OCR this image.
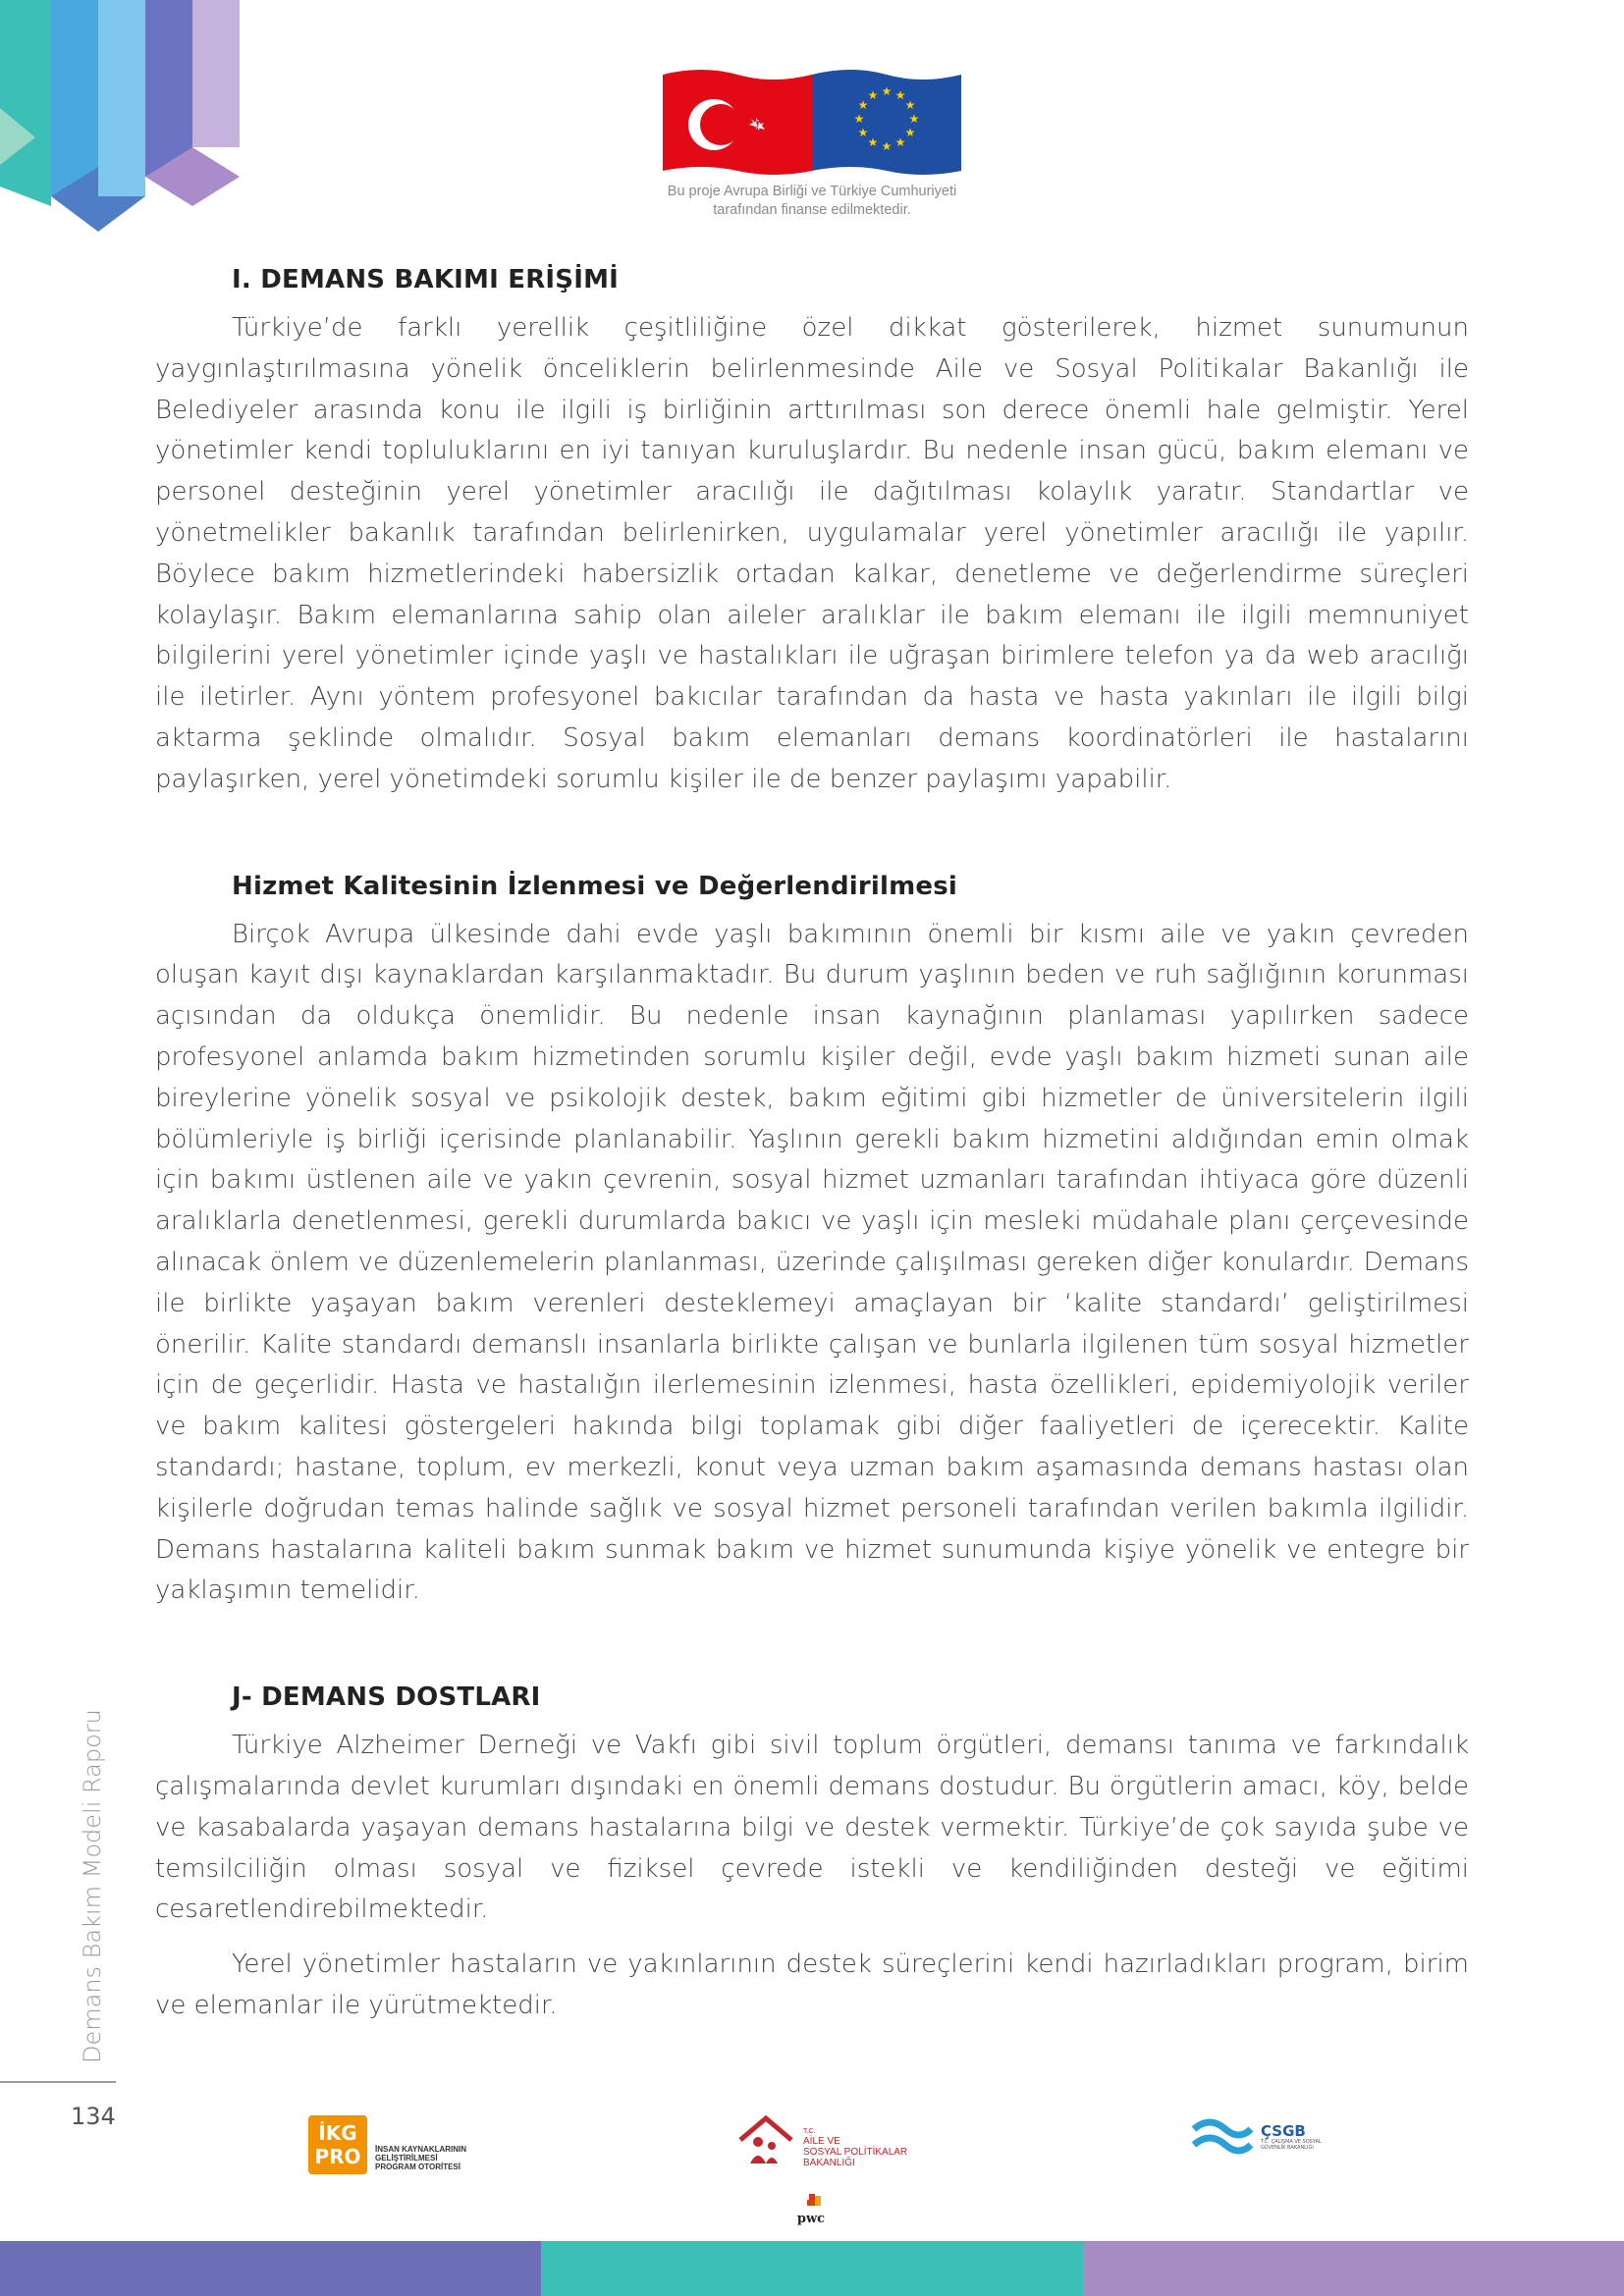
★ ★
★
★
★
★
★
★
★
★
★
★
Bu proje Avrupa Birliği ve Türkiye Cumhuriyeti
tarafından finanse edilmektedir.
I. DEMANS BAKIMI ERİŞİMİ

Türkiye’de farklı yerellik çeşitliliğine özel dikkat gösterilerek, hizmet sunumunun yaygınlaştırılmasına yönelik önceliklerin belirlenmesinde Aile ve Sosyal Politikalar Bakanlığı ile Belediyeler arasında konu ile ilgili iş birliğinin arttırılması son derece önemli hale gelmiştir. Yerel yönetimler kendi topluluklarını en iyi tanıyan kuruluşlardır. Bu nedenle insan gücü, bakım elemanı ve personel desteğinin yerel yönetimler aracılığı ile dağıtılması kolaylık yaratır. Standartlar ve yönetmelikler bakanlık tarafından belirlenirken, uygulamalar yerel yönetimler aracılığı ile yapılır. Böylece bakım hizmetlerindeki habersizlik ortadan kalkar, denetleme ve değerlendirme süreçleri kolaylaşır. Bakım elemanlarına sahip olan aileler aralıklar ile bakım elemanı ile ilgili memnuniyet bilgilerini yerel yönetimler içinde yaşlı ve hastalıkları ile uğraşan birimlere telefon ya da web aracılığı ile iletirler. Aynı yöntem profesyonel bakıcılar tarafından da hasta ve hasta yakınları ile ilgili bilgi aktarma şeklinde olmalıdır. Sosyal bakım elemanları demans koordinatörleri ile hastalarını paylaşırken, yerel yönetimdeki sorumlu kişiler ile de benzer paylaşımı yapabilir.

Hizmet Kalitesinin İzlenmesi ve Değerlendirilmesi

Birçok Avrupa ülkesinde dahi evde yaşlı bakımının önemli bir kısmı aile ve yakın çevreden oluşan kayıt dışı kaynaklardan karşılanmaktadır. Bu durum yaşlının beden ve ruh sağlığının korunması açısından da oldukça önemlidir. Bu nedenle insan kaynağının planlaması yapılırken sadece profesyonel anlamda bakım hizmetinden sorumlu kişiler değil, evde yaşlı bakım hizmeti sunan aile bireylerine yönelik sosyal ve psikolojik destek, bakım eğitimi gibi hizmetler de üniversitelerin ilgili bölümleriyle iş birliği içerisinde planlanabilir. Yaşlının gerekli bakım hizmetini aldığından emin olmak için bakımı üstlenen aile ve yakın çevrenin, sosyal hizmet uzmanları tarafından ihtiyaca göre düzenli aralıklarla denetlenmesi, gerekli durumlarda bakıcı ve yaşlı için mesleki müdahale planı çerçevesinde alınacak önlem ve düzenlemelerin planlanması, üzerinde çalışılması gereken diğer konulardır. Demans ile birlikte yaşayan bakım verenleri desteklemeyi amaçlayan bir ‘kalite standardı’ geliştirilmesi önerilir. Kalite standardı demanslı insanlarla birlikte çalışan ve bunlarla ilgilenen tüm sosyal hizmetler için de geçerlidir. Hasta ve hastalığın ilerlemesinin izlenmesi, hasta özellikleri, epidemiyolojik veriler ve bakım kalitesi göstergeleri hakında bilgi toplamak gibi diğer faaliyetleri de içerecektir. Kalite standardı; hastane, toplum, ev merkezli, konut veya uzman bakım aşamasında demans hastası olan kişilerle doğrudan temas halinde sağlık ve sosyal hizmet personeli tarafından verilen bakımla ilgilidir. Demans hastalarına kaliteli bakım sunmak bakım ve hizmet sunumunda kişiye yönelik ve entegre bir yaklaşımın temelidir.

J- DEMANS DOSTLARI

Türkiye Alzheimer Derneği ve Vakfı gibi sivil toplum örgütleri, demansı tanıma ve farkındalık çalışmalarında devlet kurumları dışındaki en önemli demans dostudur. Bu örgütlerin amacı, köy, belde ve kasabalarda yaşayan demans hastalarına bilgi ve destek vermektir. Türkiye’de çok sayıda şube ve temsilciliğin olması sosyal ve fiziksel çevrede istekli ve kendiliğinden desteği ve eğitimi cesaretlendirebilmektedir.

Yerel yönetimler hastaların ve yakınlarının destek süreçlerini kendi hazırladıkları program, birim ve elemanlar ile yürütmektedir.

Demans Bakım Modeli Raporu
134
İKG PRO	İNSAN KAYNAKLARININ
GELİŞTİRİLMESİ
PROGRAM OTORİTESİ
T.C.
AİLE VE
SOSYAL POLİTİKALAR
BAKANLIĞI
pwc
ÇSGB
T.C. ÇALIŞMA VE SOSYAL GÜVENLİK BAKANLIĞI
